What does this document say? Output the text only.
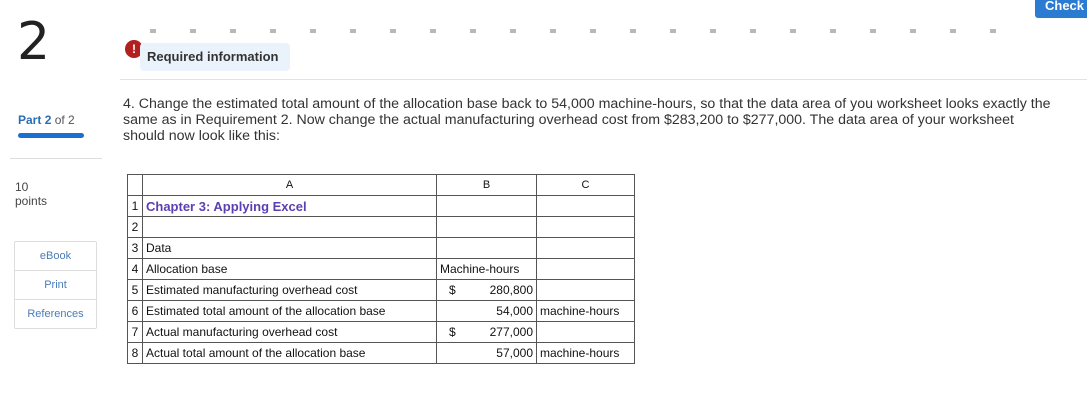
2
Part 2 of 2
10
points
eBook
Print
References
Check
! Required information
4. Change the estimated total amount of the allocation base back to 54,000 machine-hours, so that the data area of you worksheet looks exactly the same as in Requirement 2. Now change the actual manufacturing overhead cost from $283,200 to $277,000. The data area of your worksheet should now look like this:
	A	B	C
1	Chapter 3: Applying Excel		
2			
3	Data		
4	Allocation base	Machine-hours	
5	Estimated manufacturing overhead cost	$ 280,800	

6	Estimated total amount of the allocation base	54,000	machine-hours
7	Actual manufacturing overhead cost	$ 277,000	

8	Actual total amount of the allocation base	57,000	machine-hours
